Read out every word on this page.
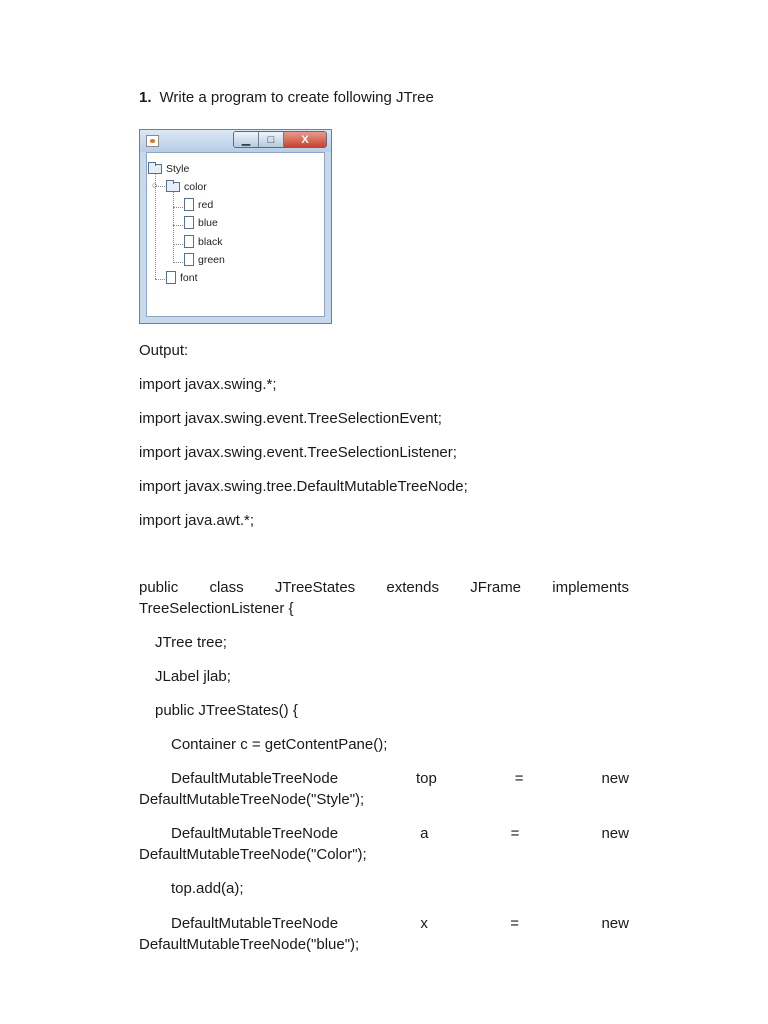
1. Write a program to create following JTree
▁	□	X
○
Style
color
red
blue
black
green
font
Output:
import javax.swing.*;
import javax.swing.event.TreeSelectionEvent;
import javax.swing.event.TreeSelectionListener;
import javax.swing.tree.DefaultMutableTreeNode;
import java.awt.*;
public class JTreeStates extends JFrame implements
TreeSelectionListener {
JTree tree;
JLabel jlab;
public JTreeStates() {
Container c = getContentPane();
DefaultMutableTreeNode	top	=	new
DefaultMutableTreeNode("Style");
DefaultMutableTreeNode	a	=	new
DefaultMutableTreeNode("Color");
top.add(a);
DefaultMutableTreeNode	x	=	new
DefaultMutableTreeNode("blue");
